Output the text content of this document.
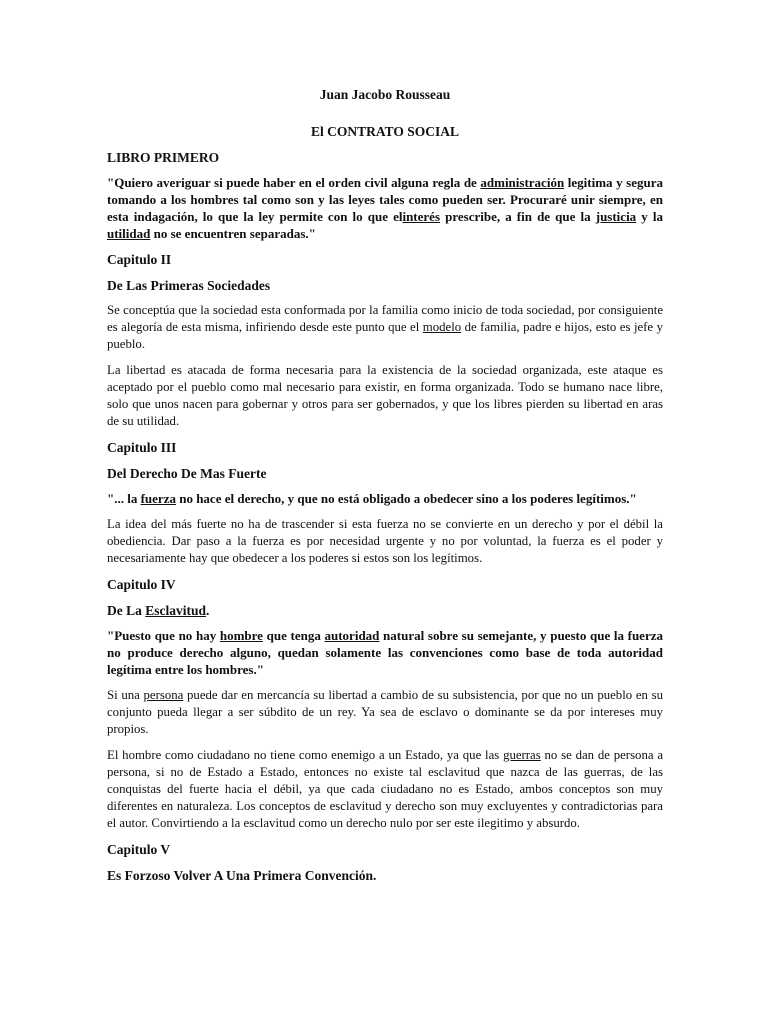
Juan Jacobo Rousseau

El CONTRATO SOCIAL

LIBRO PRIMERO

"Quiero averiguar si puede haber en el orden civil alguna regla de administración legitima y segura tomando a los hombres tal como son y las leyes tales como pueden ser. Procuraré unir siempre, en esta indagación, lo que la ley permite con lo que elinterés prescribe, a fin de que la justicia y la utilidad no se encuentren separadas."

Capitulo II
De Las Primeras Sociedades

Se conceptúa que la sociedad esta conformada por la familia como inicio de toda sociedad, por consiguiente es alegoría de esta misma, infiriendo desde este punto que el modelo de familia, padre e hijos, esto es jefe y pueblo.

La libertad es atacada de forma necesaria para la existencia de la sociedad organizada, este ataque es aceptado por el pueblo como mal necesario para existir, en forma organizada. Todo se humano nace libre, solo que unos nacen para gobernar y otros para ser gobernados, y que los libres pierden su libertad en aras de su utilidad.

Capitulo III
Del Derecho De Mas Fuerte

"... la fuerza no hace el derecho, y que no está obligado a obedecer sino a los poderes legítimos."

La idea del más fuerte no ha de trascender si esta fuerza no se convierte en un derecho y por el débil la obediencia. Dar paso a la fuerza es por necesidad urgente y no por voluntad, la fuerza es el poder y necesariamente hay que obedecer a los poderes si estos son los legítimos.

Capitulo IV
De La Esclavitud.

"Puesto que no hay hombre que tenga autoridad natural sobre su semejante, y puesto que la fuerza no produce derecho alguno, quedan solamente las convenciones como base de toda autoridad legítima entre los hombres."

Si una persona puede dar en mercancía su libertad a cambio de su subsistencia, por que no un pueblo en su conjunto pueda llegar a ser súbdito de un rey. Ya sea de esclavo o dominante se da por intereses muy propios.

El hombre como ciudadano no tiene como enemigo a un Estado, ya que las guerras no se dan de persona a persona, si no de Estado a Estado, entonces no existe tal esclavitud que nazca de las guerras, de las conquistas del fuerte hacia el débil, ya que cada ciudadano no es Estado, ambos conceptos son muy diferentes en naturaleza. Los conceptos de esclavitud y derecho son muy excluyentes y contradictorias para el autor. Convirtiendo a la esclavitud como un derecho nulo por ser este ilegitimo y absurdo.

Capitulo V
Es Forzoso Volver A Una Primera Convención.
